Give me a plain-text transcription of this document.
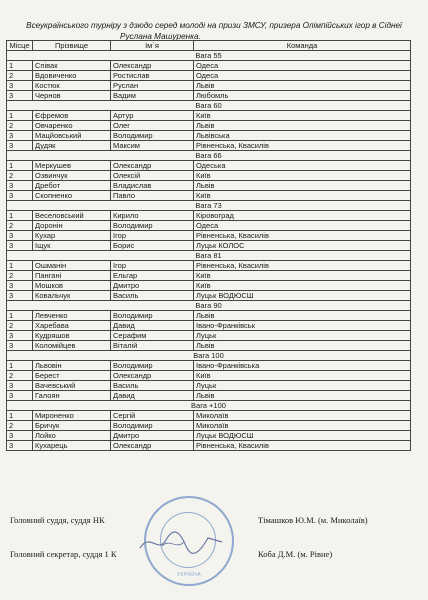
Всеукраїнського турніру з дзюдо серед молоді на призи ЗМСУ, призера Олімпійських ігор в Сіднеї
Руслана Машуренка.
Місце	Прізвище	Ім`я	Команда
Вага 55			
1	Співак	Олександр	Одеса
2	Вдовиченко	Ростислав	Одеса
3	Костюк	Руслан	Львів
3	Чернов	Вадим	Любомль
Вага 60			
1	Єфремов	Артур	Київ
2	Овчаренко	Олег	Львів
3	Мацйовський	Володимир	Львівська
3	Дудяк	Максим	Рівненська, Квасилів
Вага 66			
1	Меркушев	Олександр	Одеська
2	Озвинчук	Олексій	Київ
3	Дребот	Владислав	Львів
3	Скопненко	Павло	Київ
Вага 73			
1	Веселовський	Кирило	Кіровоград
2	Доронін	Володимир	Одеса
3	Кухар	Ігор	Рівненська, Квасилів
3	Іщук	Борис	Луцьк КОЛОС
Вага 81			
1	Ошманін	Ігор	Рівненська, Квасилів
2	Пангані	Ельгар	Київ
3	Мошков	Дмитро	Київ
3	Ковальчук	Василь	Луцьк ВОДЮСШ
Вага 90			
1	Левченко	Володимир	Львів
2	Харебава	Давид	Івано-Франківськ
3	Кудряшов	Серафим	Луцьк
3	Коломійцев	Віталій	Львів
Вага 100			
1	Львовін	Володимир	Івано-Франківська
2	Берест	Олександр	Київ
3	Вачевський	Василь	Луцьк
3	Галоян	Давид	Львів
Вага +100			
1	Мироненко	Сергій	Миколаїв
2	Бричук	Володимир	Миколаїв
3	Лойко	Дмитро	Луцьк ВОДЮСШ
3	Кухарець	Олександр	Рівненська, Квасилів
Головний суддя, суддя НК	Тімашков Ю.М. (м. Миколаїв)
Головний секретар, суддя 1 К	Коба Д.М. (м. Рівне)
УКРАЇНА
